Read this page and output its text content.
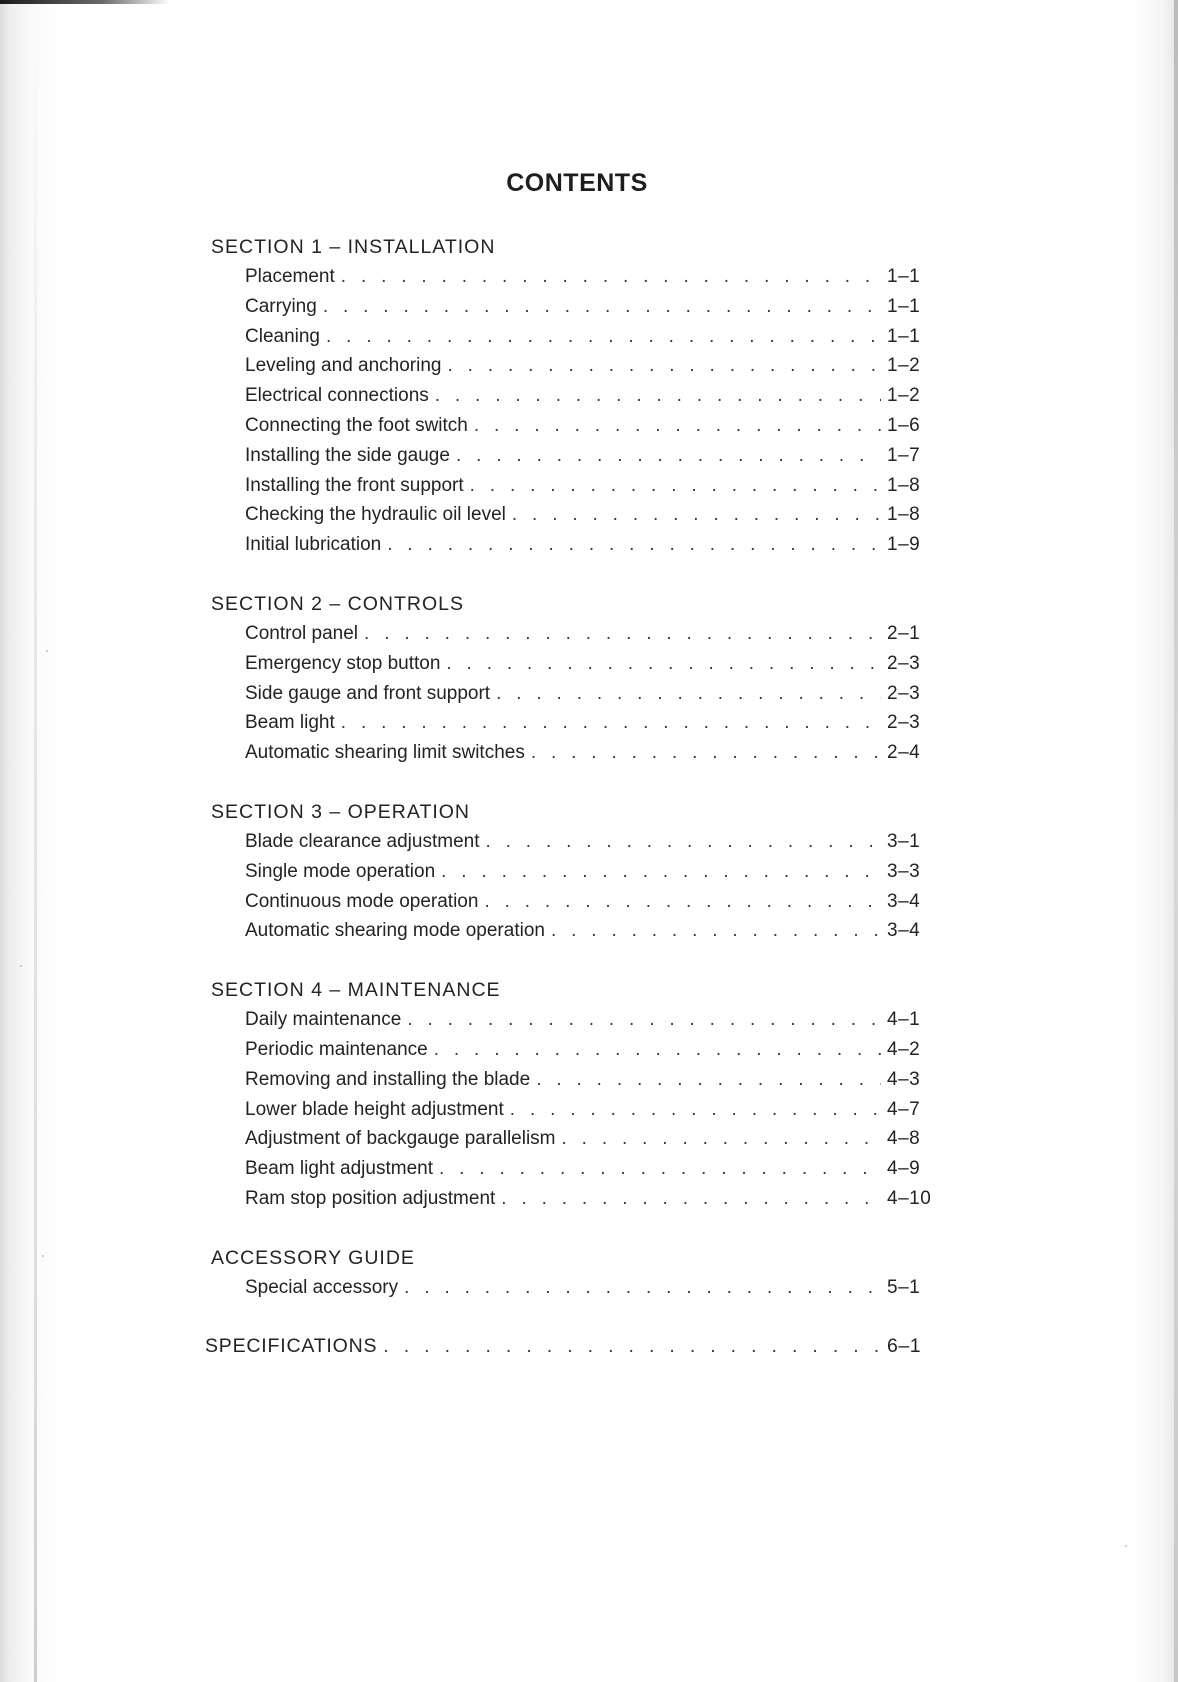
CONTENTS
SECTION 1 – INSTALLATION
Placement . . .	1–1
Carrying . . .	1–1
Cleaning . . .	1–1
Leveling and anchoring . . .	1–2
Electrical connections . . .	1–2
Connecting the foot switch . . .	1–6
Installing the side gauge . . .	1–7
Installing the front support . . .	1–8
Checking the hydraulic oil level . . .	1–8
Initial lubrication . . .	1–9
SECTION 2 – CONTROLS
Control panel . . .	2–1
Emergency stop button . . .	2–3
Side gauge and front support . . .	2–3
Beam light . . .	2–3
Automatic shearing limit switches . . .	2–4
SECTION 3 – OPERATION
Blade clearance adjustment . . .	3–1
Single mode operation . . .	3–3
Continuous mode operation . . .	3–4
Automatic shearing mode operation . . .	3–4
SECTION 4 – MAINTENANCE
Daily maintenance . . .	4–1
Periodic maintenance . . .	4–2
Removing and installing the blade . . .	4–3
Lower blade height adjustment . . .	4–7
Adjustment of backgauge parallelism . . .	4–8
Beam light adjustment . . .	4–9
Ram stop position adjustment . . .	4–10
ACCESSORY GUIDE
Special accessory . . .	5–1
SPECIFICATIONS . . .	6–1
